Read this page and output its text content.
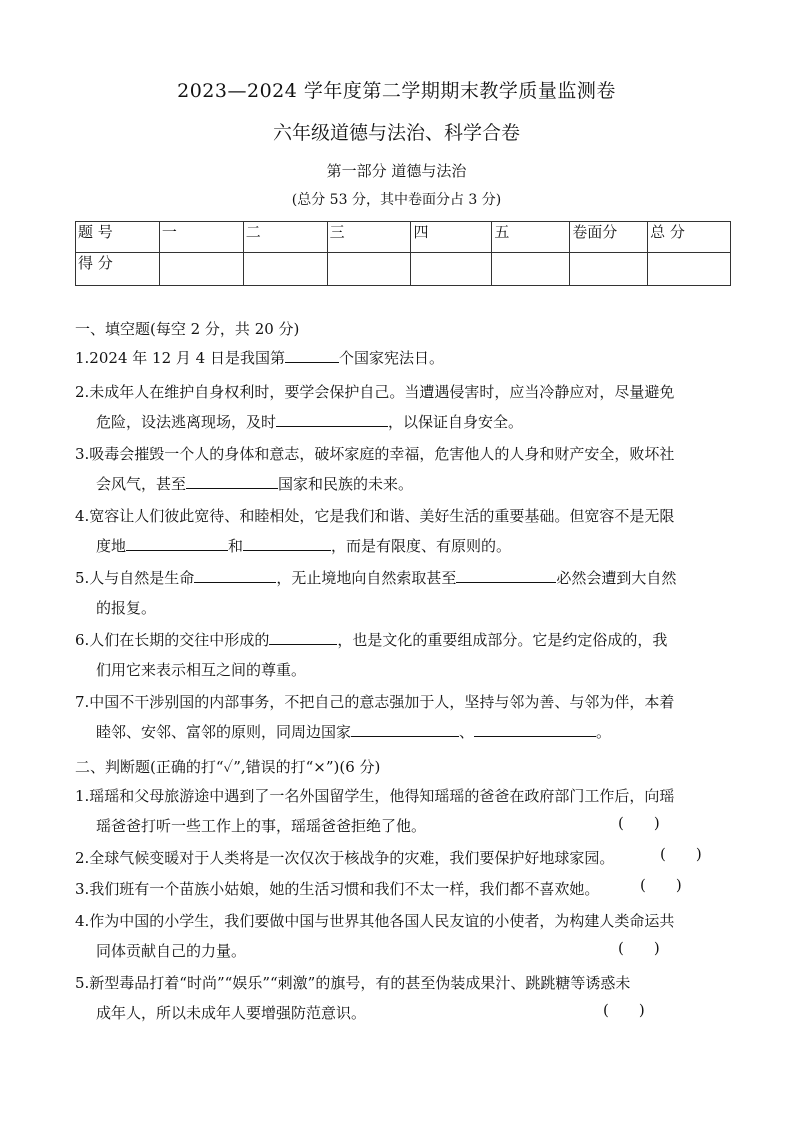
2023—2024 学年度第二学期期末教学质量监测卷
六年级道德与法治、科学合卷
第一部分 道德与法治
(总分 53 分，其中卷面分占 3 分)
题 号	一	二	三	四	五	卷面分	总 分
得 分							
一、填空题(每空 2 分，共 20 分)
1.2024 年 12 月 4 日是我国第	个国家宪法日。
2.未成年人在维护自身权利时，要学会保护自己。当遭遇侵害时，应当冷静应对，尽量避免
危险，设法逃离现场，及时	，以保证自身安全。
3.吸毒会摧毁一个人的身体和意志，破坏家庭的幸福，危害他人的人身和财产安全，败坏社
会风气，甚至	国家和民族的未来。
4.宽容让人们彼此宽待、和睦相处，它是我们和谐、美好生活的重要基础。但宽容不是无限
度地	和	，而是有限度、有原则的。
5.人与自然是生命	，无止境地向自然索取甚至	必然会遭到大自然
的报复。
6.人们在长期的交往中形成的	，也是文化的重要组成部分。它是约定俗成的，我
们用它来表示相互之间的尊重。
7.中国不干涉别国的内部事务，不把自己的意志强加于人，坚持与邻为善、与邻为伴，本着
睦邻、安邻、富邻的原则，同周边国家	、	。
二、判断题(正确的打“✓”,错误的打“×”)(6 分)
1.瑶瑶和父母旅游途中遇到了一名外国留学生，他得知瑶瑶的爸爸在政府部门工作后，向瑶
瑶爸爸打听一些工作上的事，瑶瑶爸爸拒绝了他。	(　　)
2.全球气候变暖对于人类将是一次仅次于核战争的灾难，我们要保护好地球家园。	(　　)
3.我们班有一个苗族小姑娘，她的生活习惯和我们不太一样，我们都不喜欢她。	(　　)
4.作为中国的小学生，我们要做中国与世界其他各国人民友谊的小使者，为构建人类命运共
同体贡献自己的力量。	(　　)
5.新型毒品打着“时尚”“娱乐”“刺激”的旗号，有的甚至伪装成果汁、跳跳糖等诱惑未
成年人，所以未成年人要增强防范意识。	(　　)
